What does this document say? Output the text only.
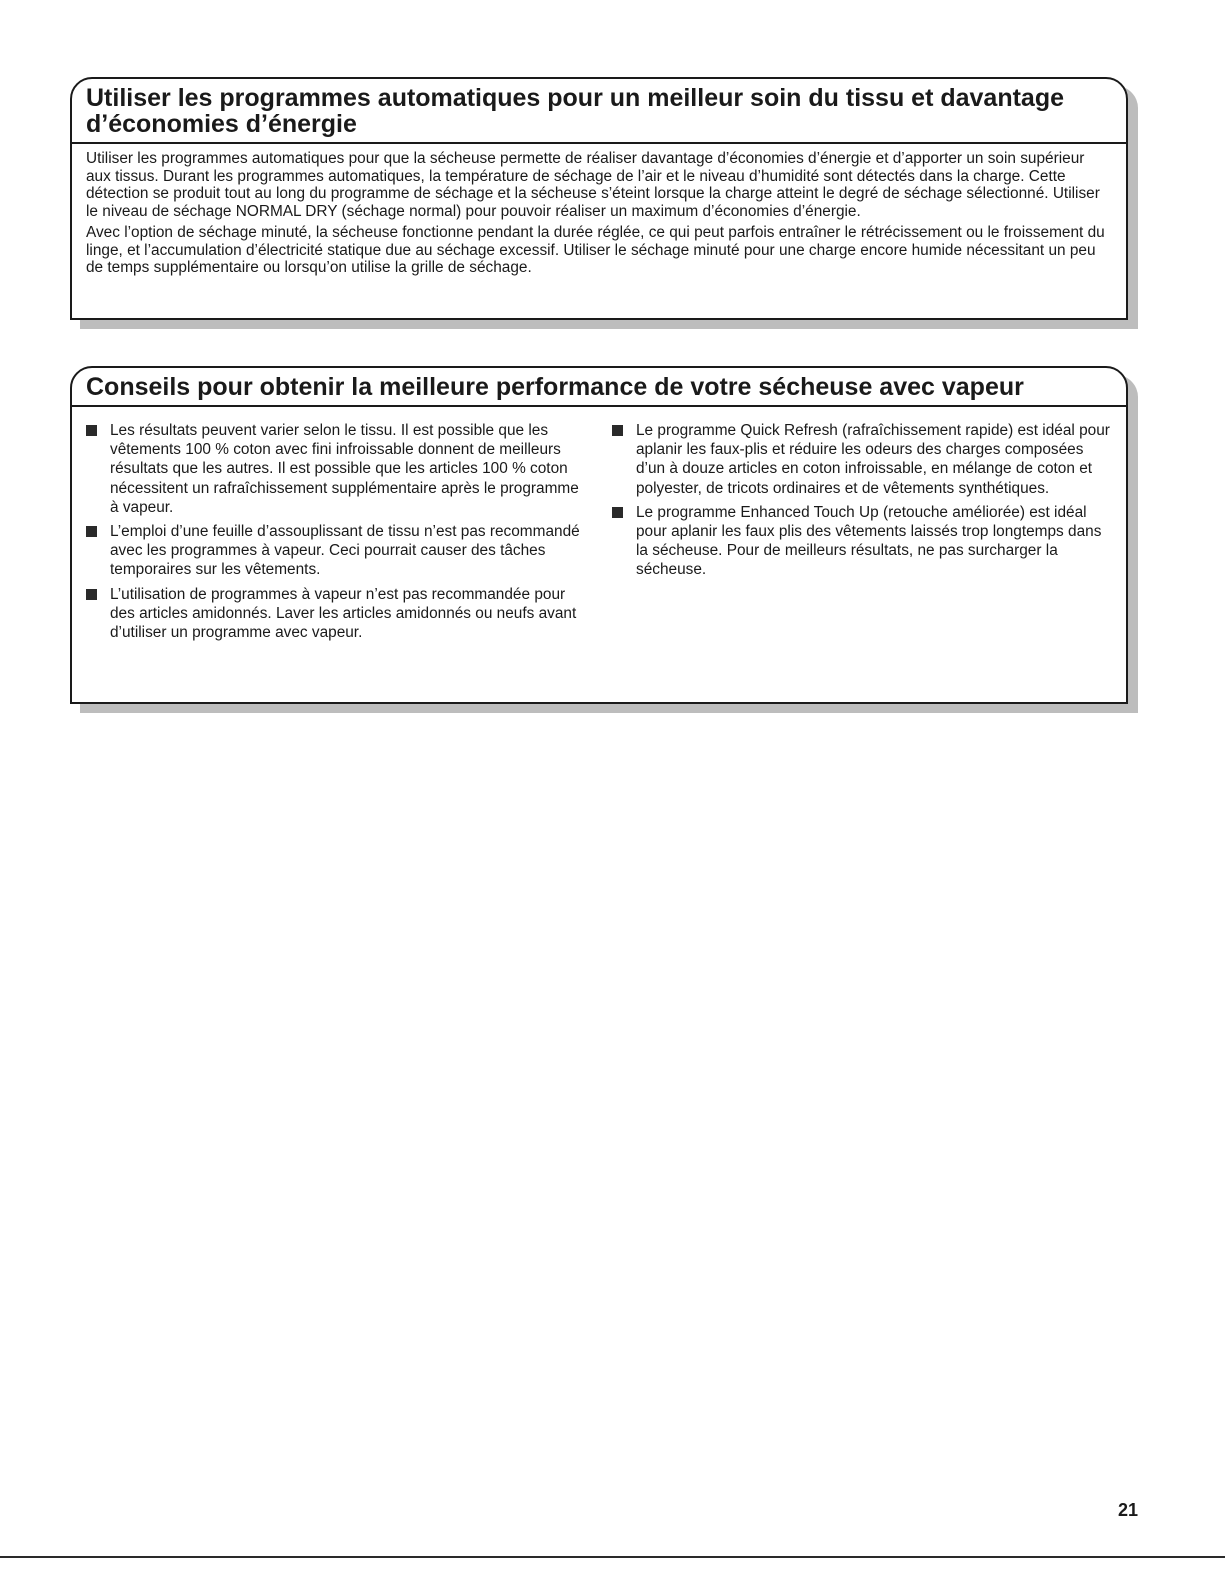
Utiliser les programmes automatiques pour un meilleur soin du tissu et davantage d’économies d’énergie

Utiliser les programmes automatiques pour que la sécheuse permette de réaliser davantage d’économies d’énergie et d’apporter un soin supérieur aux tissus. Durant les programmes automatiques, la température de séchage de l’air et le niveau d’humidité sont détectés dans la charge. Cette détection se produit tout au long du programme de séchage et la sécheuse s’éteint lorsque la charge atteint le degré de séchage sélectionné. Utiliser le niveau de séchage NORMAL DRY (séchage normal) pour pouvoir réaliser un maximum d’économies d’énergie.

Avec l’option de séchage minuté, la sécheuse fonctionne pendant la durée réglée, ce qui peut parfois entraîner le rétrécissement ou le froissement du linge, et l’accumulation d’électricité statique due au séchage excessif. Utiliser le séchage minuté pour une charge encore humide nécessitant un peu de temps supplémentaire ou lorsqu’on utilise la grille de séchage.

Conseils pour obtenir la meilleure performance de votre sécheuse avec vapeur
Les résultats peuvent varier selon le tissu. Il est possible que les vêtements 100 % coton avec fini infroissable donnent de meilleurs résultats que les autres. Il est possible que les articles 100 % coton nécessitent un rafraîchissement supplémentaire après le programme à vapeur.
L’emploi d’une feuille d’assouplissant de tissu n’est pas recommandé avec les programmes à vapeur. Ceci pourrait causer des tâches temporaires sur les vêtements.
L’utilisation de programmes à vapeur n’est pas recommandée pour des articles amidonnés. Laver les articles amidonnés ou neufs avant d’utiliser un programme avec vapeur.
Le programme Quick Refresh (rafraîchissement rapide) est idéal pour aplanir les faux-plis et réduire les odeurs des charges composées d’un à douze articles en coton infroissable, en mélange de coton et polyester, de tricots ordinaires et de vêtements synthétiques.
Le programme Enhanced Touch Up (retouche améliorée) est idéal pour aplanir les faux plis des vêtements laissés trop longtemps dans la sécheuse. Pour de meilleurs résultats, ne pas surcharger la sécheuse.
21
